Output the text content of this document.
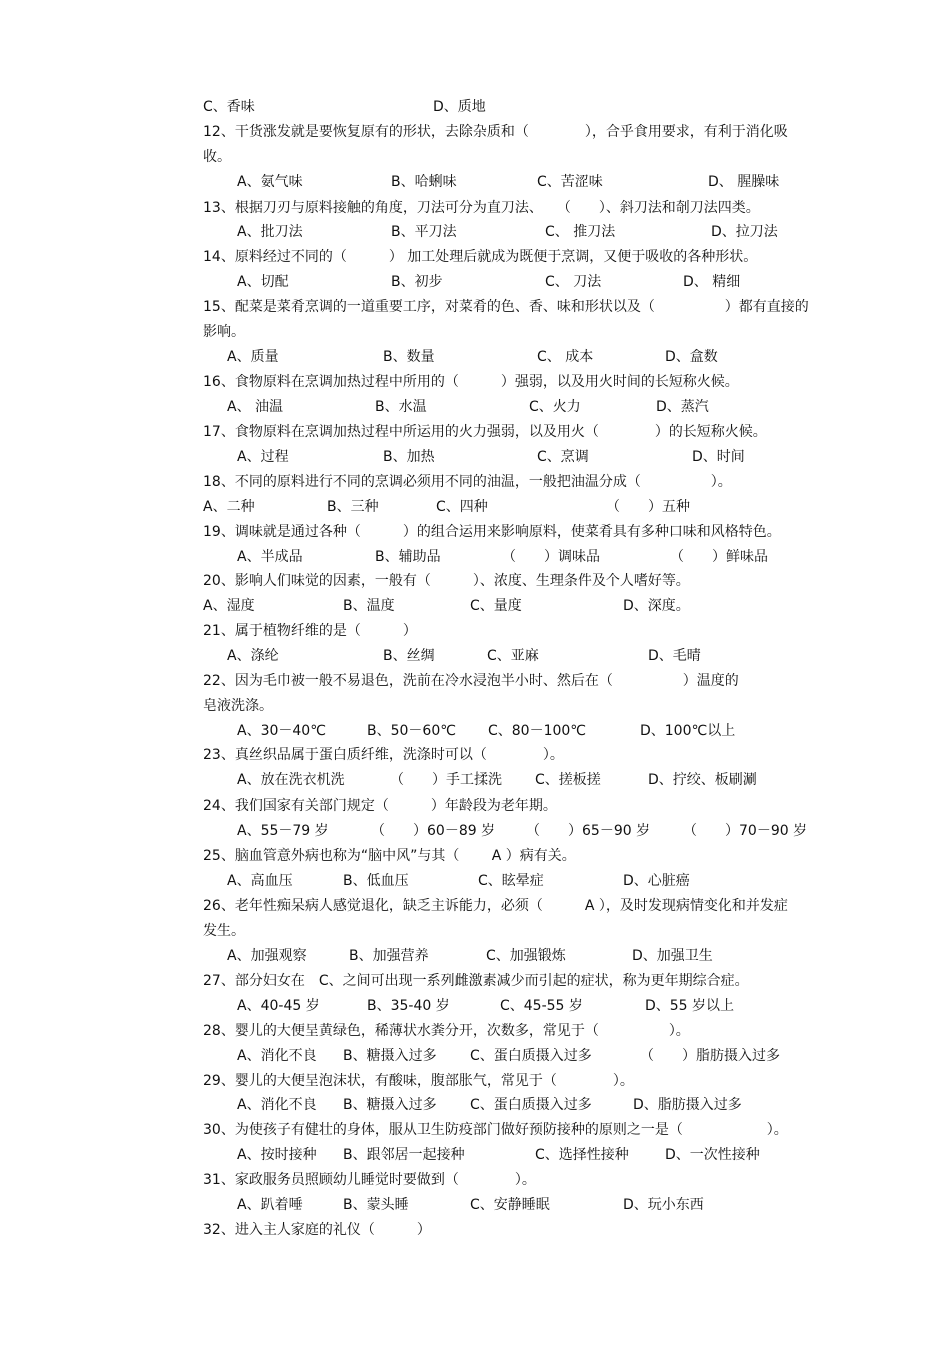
C、香味	D、质地
12、干货涨发就是要恢复原有的形状，去除杂质和（　　　　），合乎食用要求，有利于消化吸
收。
A、氨气味	B、哈蜊味	C、苦涩味	D、 腥臊味
13、根据刀刃与原料接触的角度，刀法可分为直刀法、　　（　　）、斜刀法和剞刀法四类。
A、批刀法	B、平刀法	C、 推刀法	D、拉刀法
14、原料经过不同的（　　　） 加工处理后就成为既便于烹调，又便于吸收的各种形状。
A、切配	B、初步	C、 刀法	D、 精细
15、配菜是菜肴烹调的一道重要工序，对菜肴的色、香、味和形状以及（　　　　　）都有直接的
影响。
A、质量	B、数量	C、 成本	D、盒数
16、食物原料在烹调加热过程中所用的（　　　）强弱，以及用火时间的长短称火候。
A、 油温	B、水温	C、火力	D、蒸汽
17、食物原料在烹调加热过程中所运用的火力强弱，以及用火（　　　　）的长短称火候。
A、过程	B、加热	C、烹调	D、时间
18、不同的原料进行不同的烹调必须用不同的油温，一般把油温分成（　　　　　）。
A、二种	B、三种	C、四种	（　　）五种
19、调味就是通过各种（　　　）的组合运用来影响原料，使菜肴具有多种口味和风格特色。
A、半成品	B、辅助品	（　　）调味品	（　　）鲜味品
20、影响人们味觉的因素，一般有（　　　）、浓度、生理条件及个人嗜好等。
A、湿度	B、温度	C、量度	D、深度。
21、属于植物纤维的是（　　　）
A、涤纶	B、丝绸	C、亚麻	D、毛晴
22、因为毛巾被一般不易退色，洗前在冷水浸泡半小时、然后在（　　　　　）温度的
皂液洗涤。
A、30－40℃	B、50－60℃ C、80－100℃	D、100℃以上
23、真丝织品属于蛋白质纤维，洗涤时可以（　　　　）。
A、放在洗衣机洗	（　　）手工揉洗 C、搓板搓	D、拧绞、板刷涮
24、我们国家有关部门规定（　　　）年龄段为老年期。
A、55－79 岁	（　　）60－89 岁 （　　）65－90 岁 （　　）70－90 岁
25、脑血管意外病也称为“脑中风”与其（　　 A ）病有关。
A、高血压	B、低血压	C、眩晕症	D、心脏癌
26、老年性痴呆病人感觉退化，缺乏主诉能力，必须（　　　A ），及时发现病情变化和并发症
发生。
A、加强观察	B、加强营养	C、加强锻炼	D、加强卫生
27、部分妇女在　C、之间可出现一系列雌激素减少而引起的症状，称为更年期综合症。
A、40-45 岁	B、35-40 岁	C、45-55 岁	D、55 岁以上
28、婴儿的大便呈黄绿色，稀薄状水粪分开，次数多，常见于（　　　　　）。
A、消化不良 B、糖摄入过多 C、蛋白质摄入过多	（　　）脂肪摄入过多
29、婴儿的大便呈泡沫状，有酸味，腹部胀气，常见于（　　　　）。
A、消化不良 B、糖摄入过多 C、蛋白质摄入过多	D、脂肪摄入过多
30、为使孩子有健壮的身体，服从卫生防疫部门做好预防接种的原则之一是（　　　　　　）。
A、按时接种 B、跟邻居一起接种	C、选择性接种	D、一次性接种
31、家政服务员照顾幼儿睡觉时要做到（　　　　）。
A、趴着唾	B、蒙头睡	C、安静睡眠	D、玩小东西
32、进入主人家庭的礼仪（　　　）
